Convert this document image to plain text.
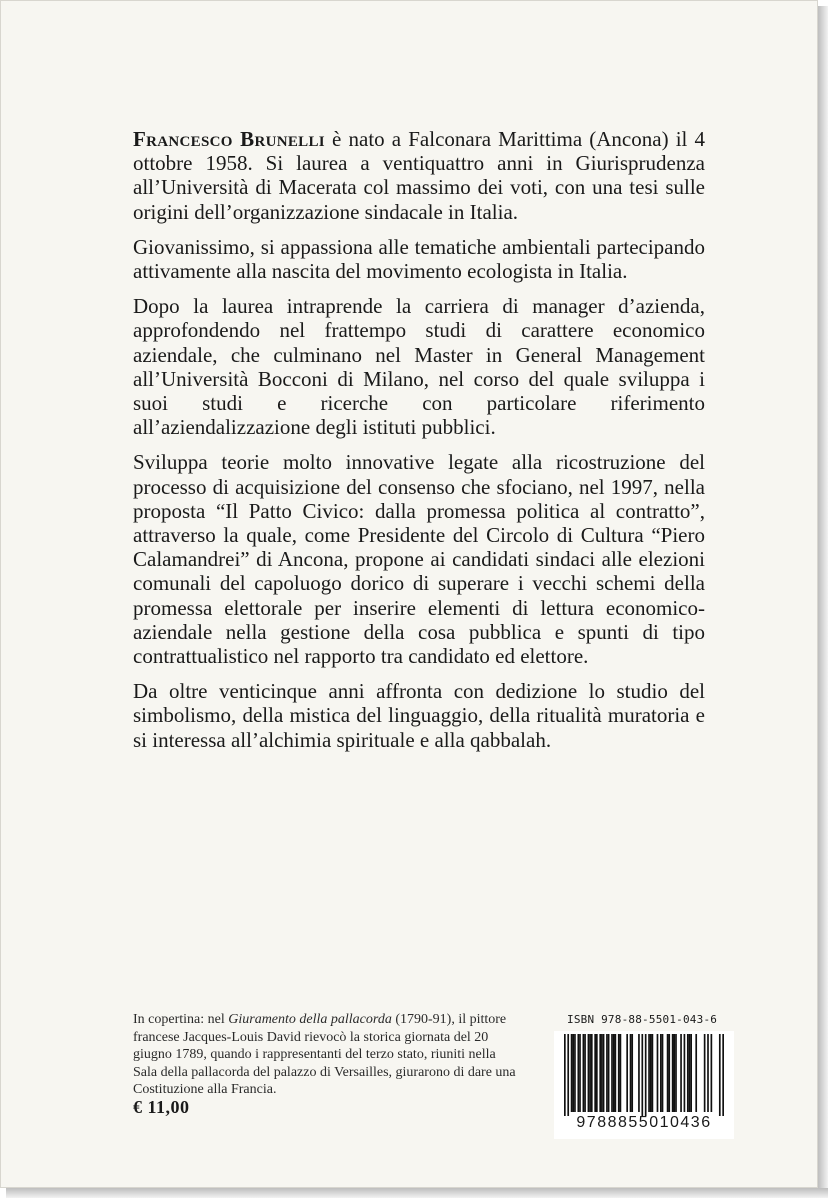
Francesco Brunelli è nato a Falconara Marittima (Ancona) il 4 ottobre 1958. Si laurea a ventiquattro anni in Giurisprudenza all’Università di Macerata col massimo dei voti, con una tesi sulle origini dell’organizzazione sindacale in Italia.

Giovanissimo, si appassiona alle tematiche ambientali partecipando attivamente alla nascita del movimento ecologista in Italia.

Dopo la laurea intraprende la carriera di manager d’azienda, approfondendo nel frattempo studi di carattere economico aziendale, che culminano nel Master in General Management all’Università Bocconi di Milano, nel corso del quale sviluppa i suoi studi e ricerche con particolare riferimento all’aziendalizzazione degli istituti pubblici.

Sviluppa teorie molto innovative legate alla ricostruzione del processo di acquisizione del consenso che sfociano, nel 1997, nella proposta “Il Patto Civico: dalla promessa politica al contratto”, attraverso la quale, come Presidente del Circolo di Cultura “Piero Calamandrei” di Ancona, propone ai candidati sindaci alle elezioni comunali del capoluogo dorico di superare i vecchi schemi della promessa elettorale per inserire elementi di lettura economico-aziendale nella gestione della cosa pubblica e spunti di tipo contrattualistico nel rapporto tra candidato ed elettore.

Da oltre venticinque anni affronta con dedizione lo studio del simbolismo, della mistica del linguaggio, della ritualità muratoria e si interessa all’alchimia spirituale e alla qabbalah.

In copertina: nel Giuramento della pallacorda (1790-91), il pittore francese Jacques-Louis David rievocò la storica giornata del 20 giugno 1789, quando i rappresentanti del terzo stato, riuniti nella Sala della pallacorda del palazzo di Versailles, giurarono di dare una Costituzione alla Francia.
€ 11,00
ISBN 978-88-5501-043-6
9788855010436
